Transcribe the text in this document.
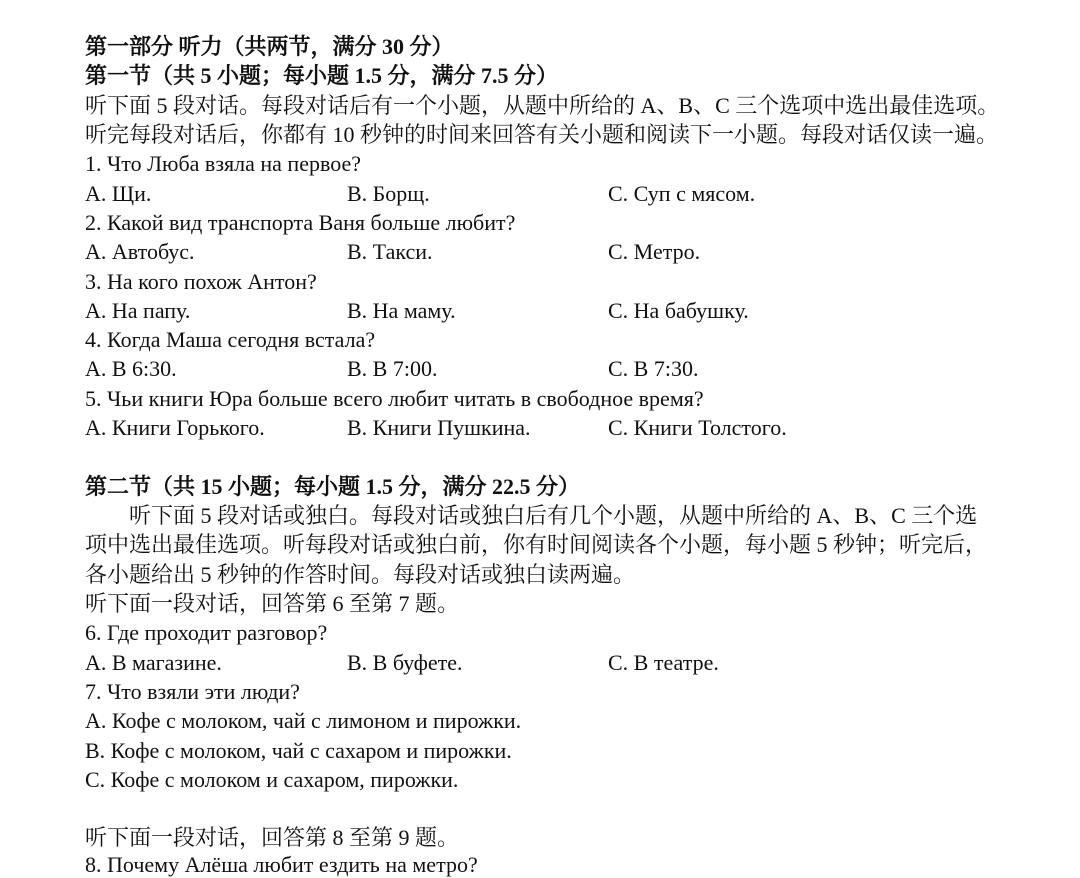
第一部分 听力（共两节，满分 30 分）
第一节（共 5 小题；每小题 1.5 分，满分 7.5 分）
听下面 5 段对话。每段对话后有一个小题，从题中所给的 A、B、C 三个选项中选出最佳选项。
听完每段对话后，你都有 10 秒钟的时间来回答有关小题和阅读下一小题。每段对话仅读一遍。
1. Что Люба взяла на первое?
A. Щи.	B. Борщ.	C. Суп с мясом.
2. Какой вид транспорта Ваня больше любит?
A. Автобус.	B. Такси.	C. Метро.
3. На кого похож Антон?
A. На папу.	B. На маму.	C. На бабушку.
4. Когда Маша сегодня встала?
A. В 6:30.	B. В 7:00.	C. В 7:30.
5. Чьи книги Юра больше всего любит читать в свободное время?
A. Книги Горького.	B. Книги Пушкина.	C. Книги Толстого.
第二节（共 15 小题；每小题 1.5 分，满分 22.5 分）
听下面 5 段对话或独白。每段对话或独白后有几个小题，从题中所给的 A、B、C 三个选
项中选出最佳选项。听每段对话或独白前，你有时间阅读各个小题，每小题 5 秒钟；听完后，
各小题给出 5 秒钟的作答时间。每段对话或独白读两遍。
听下面一段对话，回答第 6 至第 7 题。
6. Где проходит разговор?
A. В магазине.	B. В буфете.	C. В театре.
7. Что взяли эти люди?
A. Кофе с молоком, чай с лимоном и пирожки.
B. Кофе с молоком, чай с сахаром и пирожки.
C. Кофе с молоком и сахаром, пирожки.
听下面一段对话，回答第 8 至第 9 题。
8. Почему Алёша любит ездить на метро?
